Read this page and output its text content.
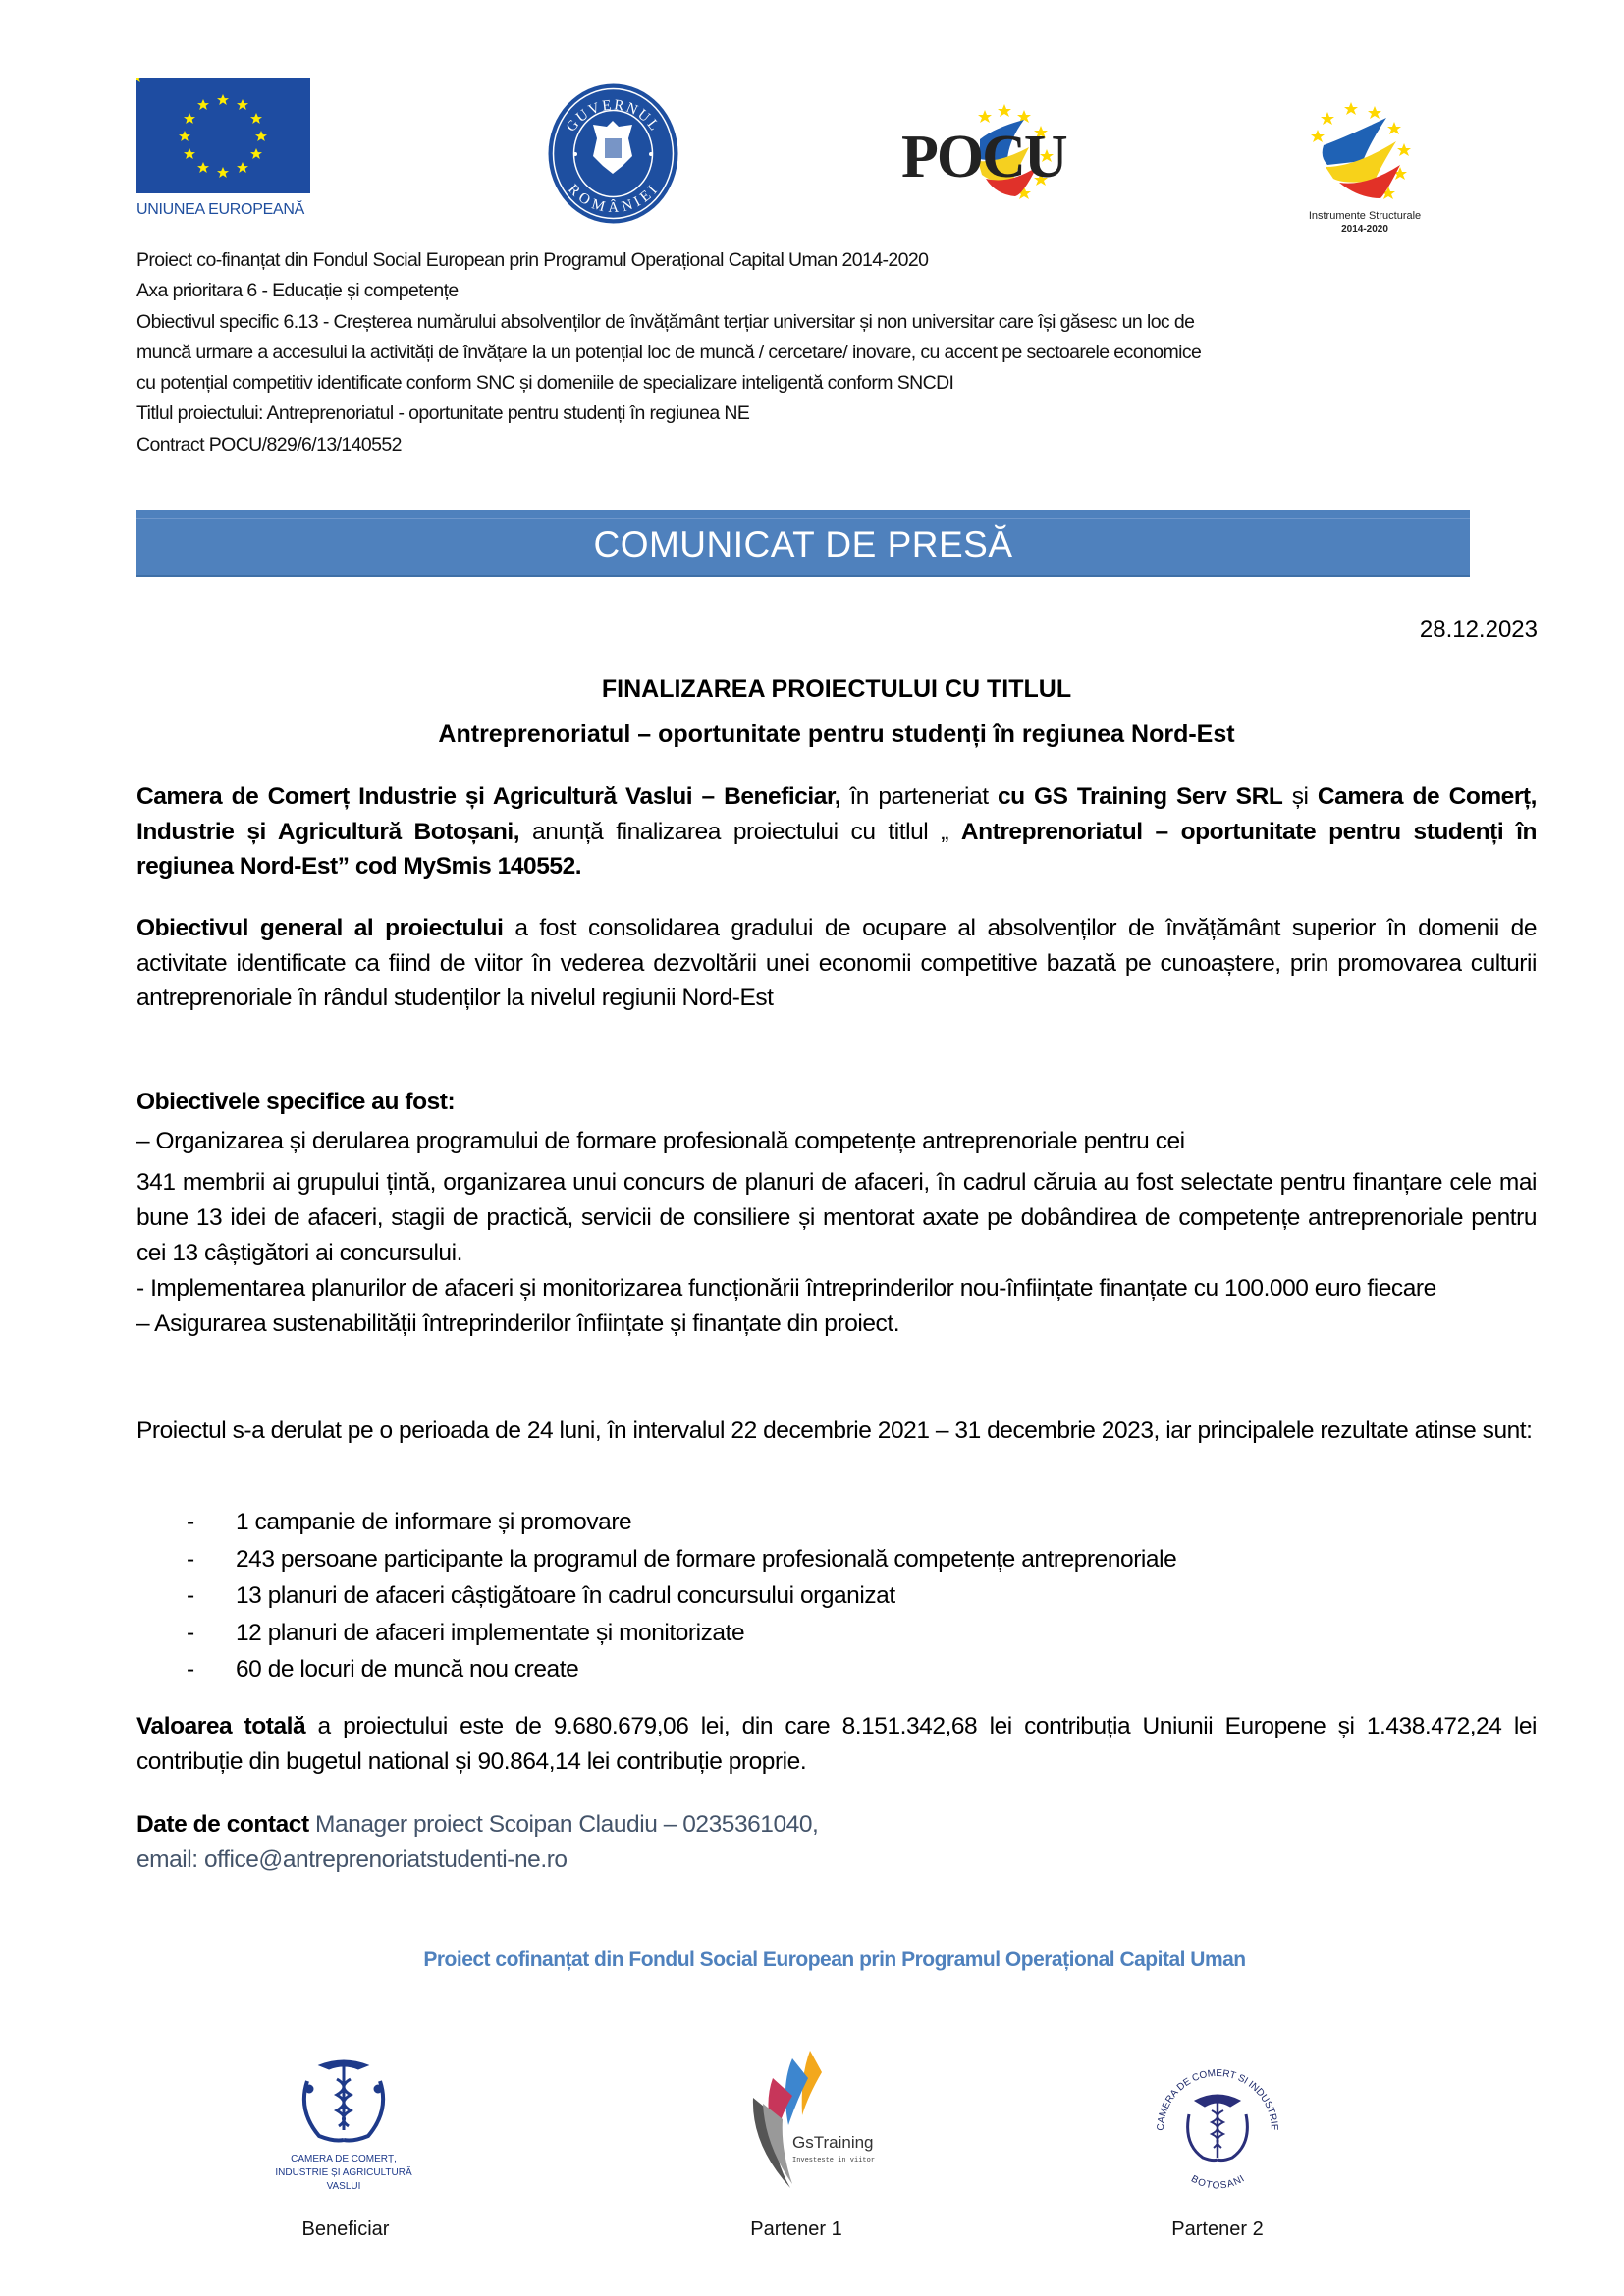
UNIUNEA EUROPEANĂ
GUVERNUL
ROMÂNIEI	POCU
Instrumente Structurale
2014-2020
Proiect co-finanțat din Fondul Social European prin Programul Operațional Capital Uman 2014-2020
Axa prioritara 6 - Educație și competențe
Obiectivul specific 6.13 - Creșterea numărului absolvenților de învățământ terțiar universitar și non universitar care își găsesc un loc de
muncă urmare a accesului la activități de învățare la un potențial loc de muncă / cercetare/ inovare, cu accent pe sectoarele economice
cu potențial competitiv identificate conform SNC și domeniile de specializare inteligentă conform SNCDI
Titlul proiectului: Antreprenoriatul - oportunitate pentru studenți în regiunea NE
Contract POCU/829/6/13/140552
COMUNICAT DE PRESĂ
28.12.2023
FINALIZAREA PROIECTULUI CU TITLUL
Antreprenoriatul – oportunitate pentru studenți în regiunea Nord-Est
Camera de Comerț Industrie și Agricultură Vaslui – Beneficiar, în parteneriat cu GS Training Serv SRL și Camera de Comerț, Industrie și Agricultură Botoșani, anunță finalizarea proiectului cu titlul „ Antreprenoriatul – oportunitate pentru studenți în regiunea Nord-Est” cod MySmis 140552.
Obiectivul general al proiectului a fost consolidarea gradului de ocupare al absolvenților de învățământ superior în domenii de activitate identificate ca fiind de viitor în vederea dezvoltării unei economii competitive bazată pe cunoaștere, prin promovarea culturii antreprenoriale în rândul studenților la nivelul regiunii Nord-Est
Obiectivele specifice au fost:
‒ Organizarea și derularea programului de formare profesională competențe antreprenoriale pentru cei
341 membrii ai grupului țintă, organizarea unui concurs de planuri de afaceri, în cadrul căruia au fost selectate pentru finanțare cele mai bune 13 idei de afaceri, stagii de practică, servicii de consiliere și mentorat axate pe dobândirea de competențe antreprenoriale pentru cei 13 câștigători ai concursului.
- Implementarea planurilor de afaceri și monitorizarea funcționării întreprinderilor nou-înființate finanțate cu 100.000 euro fiecare
– Asigurarea sustenabilității întreprinderilor înființate și finanțate din proiect.
Proiectul s-a derulat pe o perioada de 24 luni, în intervalul 22 decembrie 2021 – 31 decembrie 2023, iar principalele rezultate atinse sunt:
- 1 campanie de informare și promovare
- 243 persoane participante la programul de formare profesională competențe antreprenoriale
- 13 planuri de afaceri câștigătoare în cadrul concursului organizat
- 12 planuri de afaceri implementate și monitorizate
- 60 de locuri de muncă nou create
Valoarea totală a proiectului este de 9.680.679,06 lei, din care 8.151.342,68 lei contribuția Uniunii Europene și 1.438.472,24 lei contribuție din bugetul national și 90.864,14 lei contribuție proprie.
Date de contact Manager proiect Scoipan Claudiu – 0235361040,
email: office@antreprenoriatstudenti-ne.ro
Proiect cofinanțat din Fondul Social European prin Programul Operațional Capital Uman
CAMERA DE COMERȚ,
INDUSTRIE ȘI AGRICULTURĂ
VASLUI
Beneficiar
GsTraining
Investeste in viitor
Partener 1
CAMERA DE COMERT SI INDUSTRIE
BOTOSANI
Partener 2
